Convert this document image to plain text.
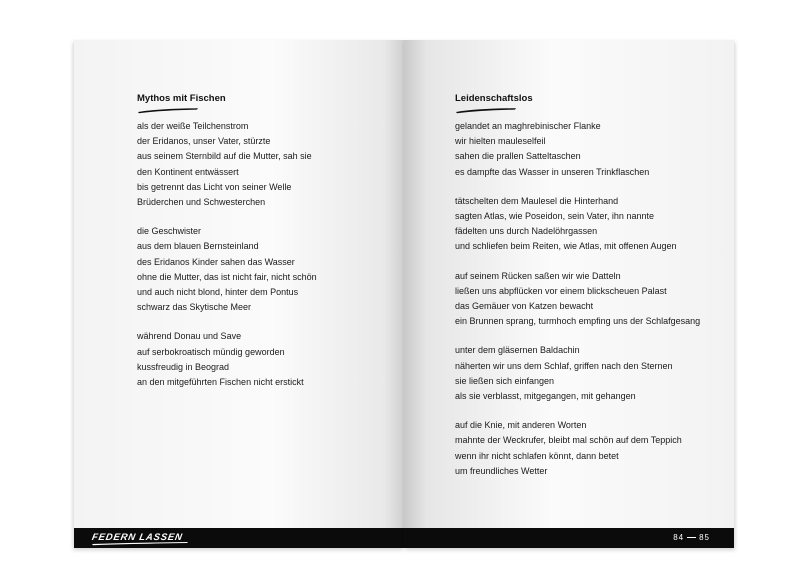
Mythos mit Fischen
als der weiße Teilchenstrom
der Eridanos, unser Vater, stürzte
aus seinem Sternbild auf die Mutter, sah sie
den Kontinent entwässert
bis getrennt das Licht von seiner Welle
Brüderchen und Schwesterchen
die Geschwister
aus dem blauen Bernsteinland
des Eridanos Kinder sahen das Wasser
ohne die Mutter, das ist nicht fair, nicht schön
und auch nicht blond, hinter dem Pontus
schwarz das Skytische Meer
während Donau und Save
auf serbokroatisch mündig geworden
kussfreudig in Beograd
an den mitgeführten Fischen nicht erstickt
FEDERN LASSEN
Leidenschaftslos
gelandet an maghrebinischer Flanke
wir hielten mauleselfeil
sahen die prallen Satteltaschen
es dampfte das Wasser in unseren Trinkflaschen
tätschelten dem Maulesel die Hinterhand
sagten Atlas, wie Poseidon, sein Vater, ihn nannte
fädelten uns durch Nadelöhrgassen
und schliefen beim Reiten, wie Atlas, mit offenen Augen
auf seinem Rücken saßen wir wie Datteln
ließen uns abpflücken vor einem blickscheuen Palast
das Gemäuer von Katzen bewacht
ein Brunnen sprang, turmhoch empfing uns der Schlafgesang
unter dem gläsernen Baldachin
näherten wir uns dem Schlaf, griffen nach den Sternen
sie ließen sich einfangen
als sie verblasst, mitgegangen, mit gehangen
auf die Knie, mit anderen Worten
mahnte der Weckrufer, bleibt mal schön auf dem Teppich
wenn ihr nicht schlafen könnt, dann betet
um freundliches Wetter
84 85
